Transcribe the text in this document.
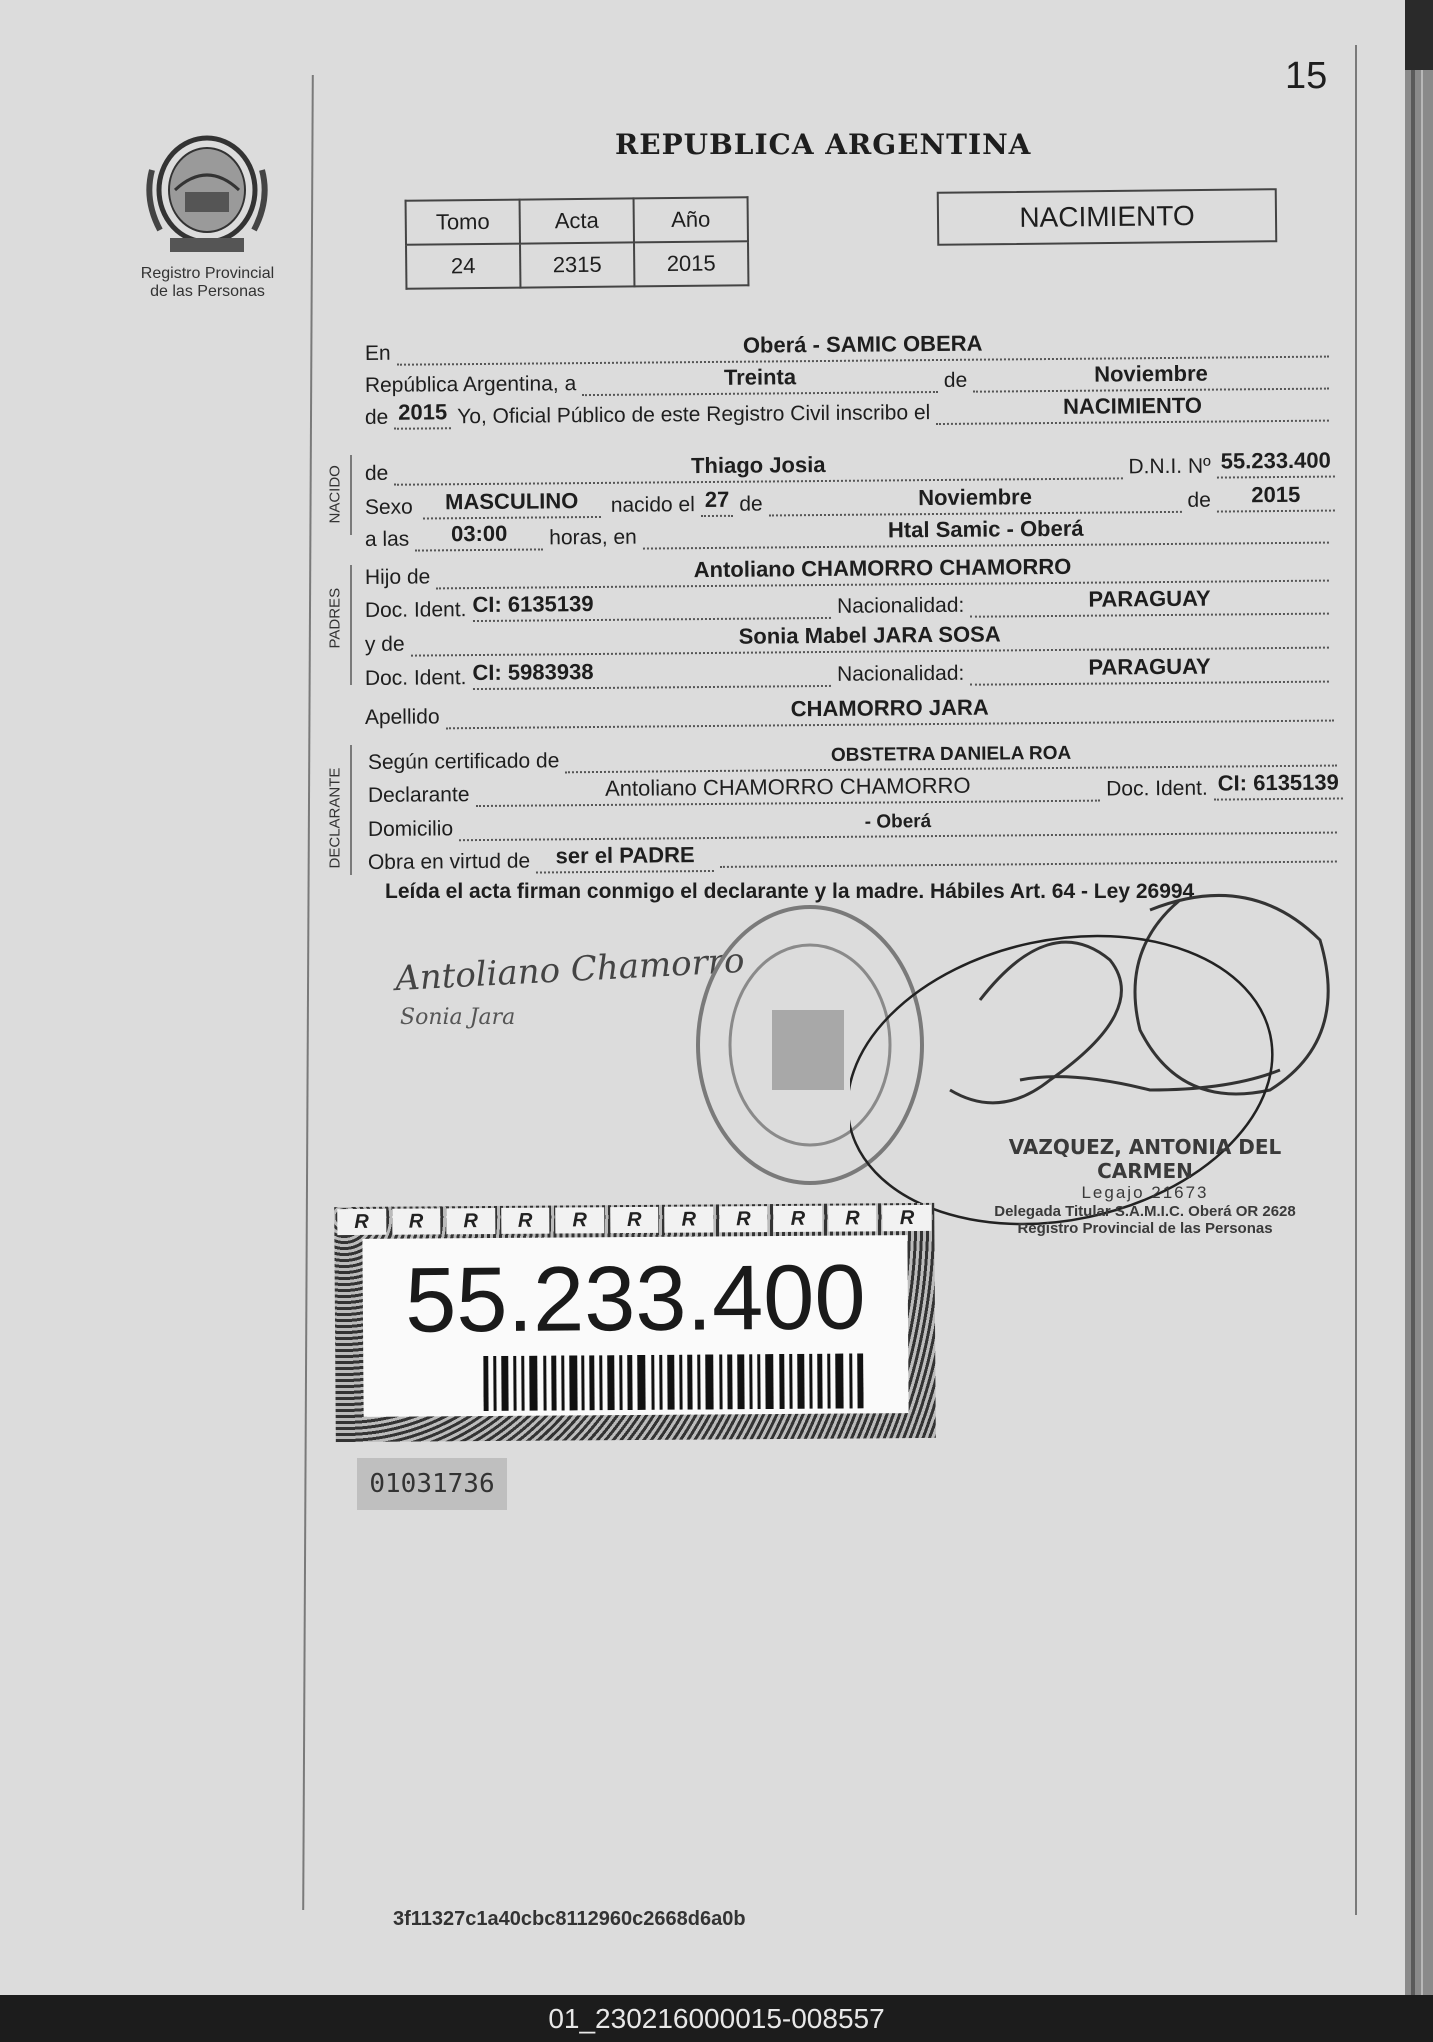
15
Registro Provincial de las Personas
REPUBLICA ARGENTINA
Tomo	Acta	Año
24	2315	2015
NACIMIENTO
En	Oberá - SAMIC OBERA
República Argentina, a	Treinta	de	Noviembre
de 2015 Yo, Oficial Público de este Registro Civil inscribo el	NACIMIENTO
NACIDO de	Thiago Josia	D.N.I. Nº 55.233.400
Sexo	MASCULINO	nacido el 27 de	Noviembre	de	2015
a las	03:00	horas, en	Htal Samic - Oberá
PADRES
Hijo de	Antoliano CHAMORRO CHAMORRO
Doc. Ident. CI: 6135139	Nacionalidad:	PARAGUAY
y de	Sonia Mabel JARA SOSA
Doc. Ident. CI: 5983938	Nacionalidad:	PARAGUAY
Apellido	CHAMORRO JARA
DECLARANTE
Según certificado de	OBSTETRA DANIELA ROA
Declarante	Antoliano CHAMORRO CHAMORRO	Doc. Ident. CI: 6135139
Domicilio	- Oberá
Obra en virtud de	ser el PADRE
Leída el acta firman conmigo el declarante y la madre. Hábiles Art. 64 - Ley 26994
Antoliano Chamorro
Sonia Jara
VAZQUEZ, ANTONIA DEL CARMEN
Legajo 21673
Delegada Titular S.A.M.I.C. Oberá OR 2628
Registro Provincial de las Personas
R	R	R	R	R	R	R	R	R	R	R
55.233.400
01031736
3f11327c1a40cbc8112960c2668d6a0b
01_230216000015-008557
